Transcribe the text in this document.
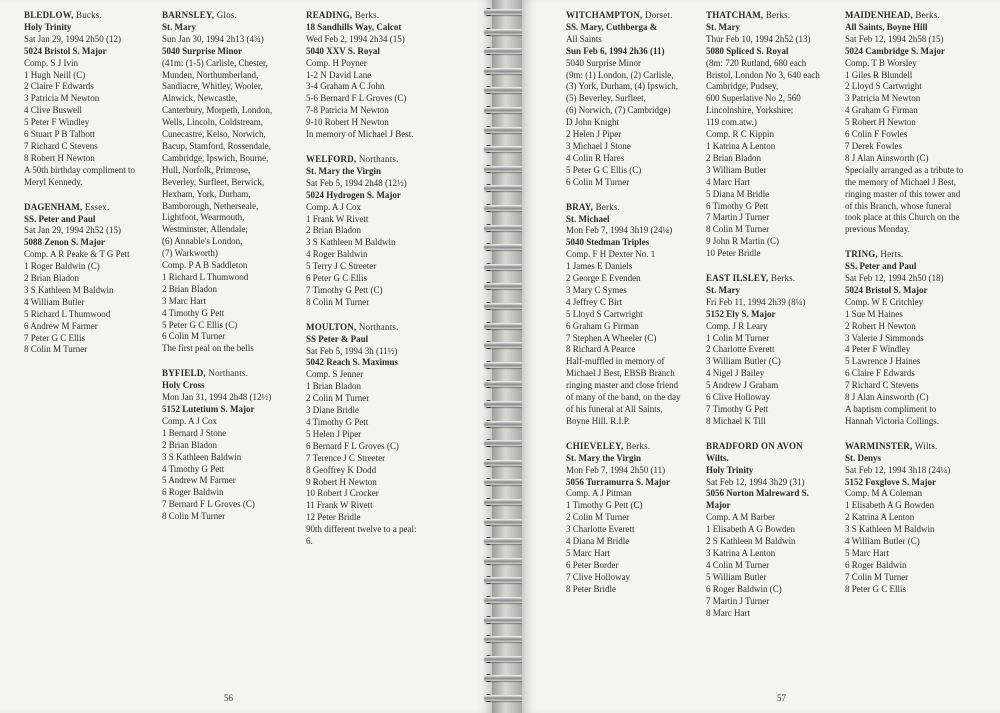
BLEDLOW, Bucks.
Holy Trinity
Sat Jan 29, 1994 2h50 (12)
5024 Bristol S. Major
Comp. S J Ivin
1 Hugh Neill (C)
2 Claire F Edwards
3 Patricia M Newton
4 Clive Buswell
5 Peter F Windley
6 Stuart P B Talbott
7 Richard C Stevens
8 Robert H Newton
A 50th birthday compliment to
Meryl Kennedy.
DAGENHAM, Essex.
SS. Peter and Paul
Sat Jan 29, 1994 2h52 (15)
5088 Zenon S. Major
Comp. A R Peake & T G Pett
1 Roger Baldwin (C)
2 Brian Bladon
3 S Kathleen M Baldwin
4 William Butler
5 Richard L Thumwood
6 Andrew M Farmer
7 Peter G C Ellis
8 Colin M Turner
BARNSLEY, Glos.
St. Mary
Sun Jan 30, 1994 2h13 (4¾)
5040 Surprise Minor
(41m: (1-5) Carlisle, Chester,
Munden, Northumberland,
Sandiacre, Whitley, Wooler,
Alnwick, Newcastle,
Canterbury, Morpeth, London,
Wells, Lincoln, Coldstream,
Cunecastre, Kelso, Norwich,
Bacup, Stamford, Rossendale,
Cambridge, Ipswich, Bourne,
Hull, Norfolk, Primrose,
Beverley, Surfleet, Berwick,
Hexham, York, Durham,
Bamborough, Netherseale,
Lightfoot, Wearmouth,
Westminster, Allendale;
(6) Annable's London,
(7) Warkworth)
Comp. P A B Saddleton
1 Richard L Thumwood
2 Brian Bladon
3 Marc Hart
4 Timothy G Pett
5 Peter G C Ellis (C)
6 Colin M Turner
The first peal on the bells
BYFIELD, Northants.
Holy Cross
Mon Jan 31, 1994 2h48 (12½)
5152 Lutetium S. Major
Comp. A J Cox
1 Bernard J Stone
2 Brian Bladon
3 S Kathleen Baldwin
4 Timothy G Pett
5 Andrew M Farmer
6 Roger Baldwin
7 Bernard F L Groves (C)
8 Colin M Turner
READING, Berks.
18 Sandhills Way, Calcot
Wed Feb 2, 1994 2h34 (15)
5040 XXV S. Royal
Comp. H Poyner
1-2 N David Lane
3-4 Graham A C John
5-6 Bernard F L Groves (C)
7-8 Patricia M Newton
9-10 Robert H Newton
In memory of Michael J Best.
WELFORD, Northants.
St. Mary the Virgin
Sat Feb 5, 1994 2h48 (12½)
5024 Hydrogen S. Major
Comp. A J Cox
1 Frank W Rivett
2 Brian Bladon
3 S Kathleen M Baldwin
4 Roger Baldwin
5 Terry J C Streeter
6 Peter G C Ellis
7 Timothy G Pett (C)
8 Colin M Turner
MOULTON, Northants.
SS Peter & Paul
Sat Feb 5, 1994 3h (11½)
5042 Reach S. Maximus
Comp. S Jenner
1 Brian Bladon
2 Colin M Turner
3 Diane Bridle
4 Timothy G Pett
5 Helen J Piper
6 Bernard F L Groves (C)
7 Terence J C Streeter
8 Geoffrey K Dodd
9 Robert H Newton
10 Robert J Crocker
11 Frank W Rivett
12 Peter Bridle
90th different twelve to a peal:
6.
56
WITCHAMPTON, Dorset.
SS. Mary, Cuthberga &
All Saints
Sun Feb 6, 1994 2h36 (11)
5040 Surprise Minor
(9m: (1) London, (2) Carlisle,
(3) York, Durham, (4) Ipswich,
(5) Beverley, Surfleet,
(6) Norwich, (7) Cambridge)
D John Knight
2 Helen J Piper
3 Michael J Stone
4 Colin R Hares
5 Peter G C Ellis (C)
6 Colin M Turner
BRAY, Berks.
St. Michael
Mon Feb 7, 1994 3h19 (24¼)
5040 Stedman Triples
Comp. F H Dexter No. 1
1 James E Daniels
2 George E Evenden
3 Mary C Symes
4 Jeffrey C Birt
5 Lloyd S Cartwright
6 Graham G Firman
7 Stephen A Wheeler (C)
8 Richard A Pearce
Half-muffled in memory of
Michael J Best, EBSB Branch
ringing master and close friend
of many of the band, on the day
of his funeral at All Saints,
Boyne Hill. R.I.P.
CHIEVELEY, Berks.
St. Mary the Virgin
Mon Feb 7, 1994 2h50 (11)
5056 Turramurra S. Major
Comp. A J Pitman
1 Timothy G Pett (C)
2 Colin M Turner
3 Charlotte Everett
4 Diana M Bridle
5 Marc Hart
6 Peter Border
7 Clive Holloway
8 Peter Bridle
THATCHAM, Berks.
St. Mary
Thur Feb 10, 1994 2h52 (13)
5080 Spliced S. Royal
(8m: 720 Rutland, 680 each
Bristol, London No 3, 640 each
Cambridge, Pudsey,
600 Superlative No 2, 560
Lincolnshire, Yorkshire;
119 com.atw.)
Comp. R C Kippin
1 Katrina A Lenton
2 Brian Bladon
3 William Butler
4 Marc Hart
5 Diana M Bridle
6 Timothy G Pett
7 Martin J Turner
8 Colin M Turner
9 John R Martin (C)
10 Peter Bridle
EAST ILSLEY, Berks.
St. Mary
Fri Feb 11, 1994 2h39 (8¼)
5152 Ely S. Major
Comp. J R Leary
1 Colin M Turner
2 Charlotte Everett
3 William Butler (C)
4 Nigel J Bailey
5 Andrew J Graham
6 Clive Holloway
7 Timothy G Pett
8 Michael K Till
BRADFORD ON AVON
Wilts.
Holy Trinity
Sat Feb 12, 1994 3h29 (31)
5056 Norton Malreward S.
Major
Comp. A M Barber
1 Elisabeth A G Bowden
2 S Kathleen M Baldwin
3 Katrina A Lenton
4 Colin M Turner
5 William Butler
6 Roger Baldwin (C)
7 Martin J Turner
8 Marc Hart
MAIDENHEAD, Berks.
All Saints, Boyne Hill
Sat Feb 12, 1994 2h58 (15)
5024 Cambridge S. Major
Comp. T B Worsley
1 Giles R Blundell
2 Lloyd S Cartwright
3 Patricia M Newton
4 Graham G Firman
5 Robert H Newton
6 Colin F Fowles
7 Derek Fowles
8 J Alan Ainsworth (C)
Specially arranged as a tribute to
the memory of Michael J Best,
ringing master of this tower and
of this Branch, whose funeral
took place at this Church on the
previous Monday.
TRING, Herts.
SS. Peter and Paul
Sat Feb 12, 1994 2h50 (18)
5024 Bristol S. Major
Comp. W E Critchley
1 Sue M Haines
2 Robert H Newton
3 Valerie J Simmonds
4 Peter F Windley
5 Lawrence J Haines
6 Claire F Edwards
7 Richard C Stevens
8 J Alan Ainsworth (C)
A baptism compliment to
Hannah Victoria Collings.
WARMINSTER, Wilts.
St. Denys
Sat Feb 12, 1994 3h18 (24¼)
5152 Foxglove S. Major
Comp. M A Coleman
1 Elisabeth A G Bowden
2 Katrina A Lenton
3 S Kathleen M Baldwin
4 William Butler (C)
5 Marc Hart
6 Roger Baldwin
7 Colin M Turner
8 Peter G C Ellis
57
